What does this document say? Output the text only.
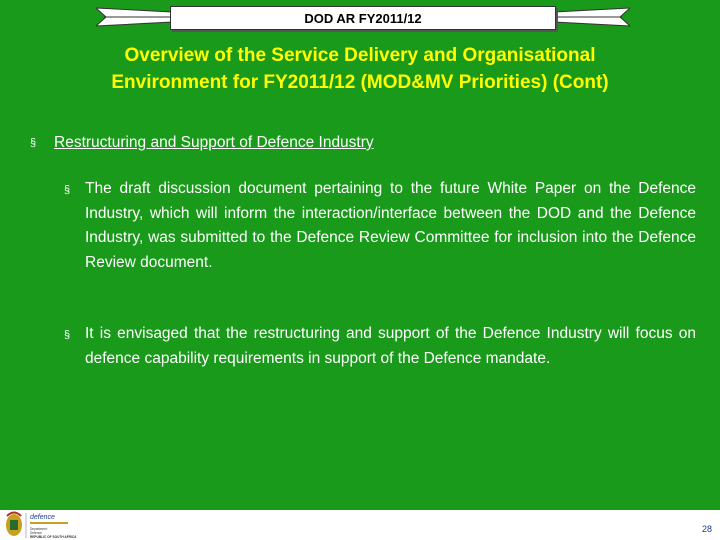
DOD AR FY2011/12
Overview of the Service Delivery and Organisational
Environment for FY2011/12 (MOD&MV Priorities) (Cont)
§ Restructuring and Support of Defence Industry
§ The draft discussion document pertaining to the future White Paper on the Defence Industry, which will inform the interaction/interface between the DOD and the Defence Industry, was submitted to the Defence Review Committee for inclusion into the Defence Review document.
§ It is envisaged that the restructuring and support of the Defence Industry will focus on defence capability requirements in support of the Defence mandate.
28
defence
Department:
Defence
REPUBLIC OF SOUTH AFRICA
